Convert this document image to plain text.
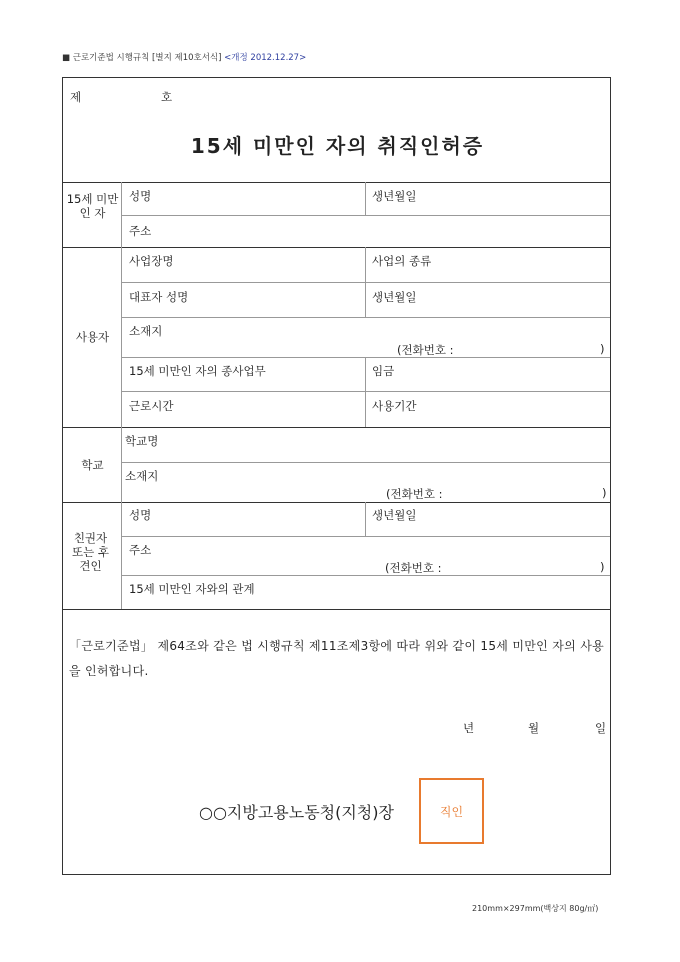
■ 근로기준법 시행규칙 [별지 제10호서식] <개정 2012.12.27>
제	호
15세 미만인 자의 취직인허증
15세 미만인 자
성명	생년월일
주소
사용자
사업장명	사업의 종류
대표자 성명	생년월일
소재지
(전화번호 :	)
15세 미만인 자의 종사업무	임금
근로시간	사용기간
학교
학교명
소재지
(전화번호 :	)
친권자 또는 후견인
성명	생년월일
주소
(전화번호 :	)
15세 미만인 자와의 관계
「근로기준법」 제64조와 같은 법 시행규칙 제11조제3항에 따라 위와 같이 15세 미만인 자의 사용을 인허합니다.
년	월	일
○○지방고용노동청(지청)장	직인
210mm×297mm(백상지 80g/㎡)
